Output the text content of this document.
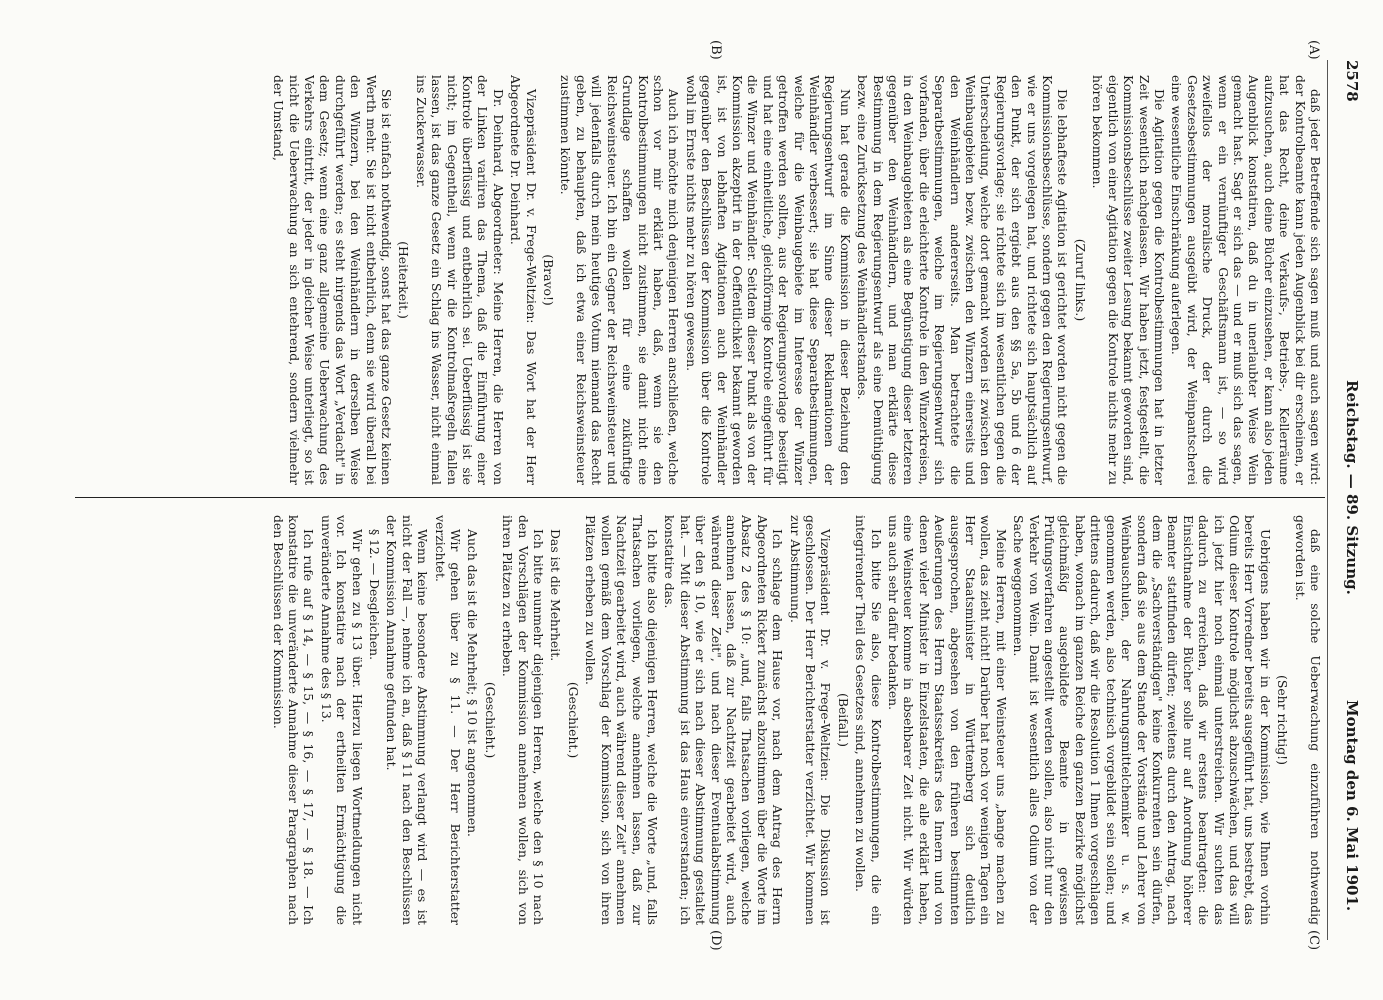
2578
Reichstag. — 89. Sitzung.
Montag den 6. Mai 1901.
(A)
(B)
(C)
(D)

daß jeder Betreffende sich sagen muß und auch sagen wird: der Kontrolbeamte kann jeden Augenblick bei dir erscheinen, er hat das Recht, deine Verkaufs-, Betriebs-, Kellerräume aufzusuchen, auch deine Bücher einzusehen, er kann also jeden Augenblick konstatiren, daß du in unerlaubter Weise Wein gemacht hast. Sagt er sich das — und er muß sich das sagen, wenn er ein vernünftiger Geschäftsmann ist, — so wird zweifellos der moralische Druck, der durch die Gesetzesbestimmungen ausgeübt wird, der Weinpantscherei eine wesentliche Einschränkung auferlegen.

Die Agitation gegen die Kontrolbestimmungen hat in letzter Zeit wesentlich nachgelassen. Wir haben jetzt, festgestellt, die Kommissionsbeschlüsse zweiter Lesung bekannt geworden sind, eigentlich von einer Agitation gegen die Kontrole nichts mehr zu hören bekommen.

(Zuruf links.)

Die lebhafteste Agitation ist gerichtet worden nicht gegen die Kommissionsbeschlüsse, sondern gegen den Regierungsentwurf, wie er uns vorgelegen hat, und richtete sich hauptsächlich auf den Punkt, der sich ergiebt aus den §§ 5a, 5b und 6 der Regierungsvorlage; sie richtete sich im wesentlichen gegen die Unterscheidung, welche dort gemacht worden ist zwischen den Weinbaugebieten bezw. zwischen den Winzern einerseits und den Weinhändlern andererseits. Man betrachtete die Separatbestimmungen, welche im Regierungsentwurf sich vorfanden, über die erleichterte Kontrole in den Winzerkreisen, in den Weinbaugebieten als eine Begünstigung dieser letzteren gegenüber den Weinhändlern, und man erklärte diese Bestimmung in dem Regierungsentwurf als eine Demüthigung bezw. eine Zurücksetzung des Weinhändlerstandes.

Nun hat gerade die Kommission in dieser Beziehung den Regierungsentwurf im Sinne dieser Reklamationen der Weinhändler verbessert; sie hat diese Separatbestimmungen, welche für die Weinbaugebiete im Interesse der Winzer getroffen werden sollten, aus der Regierungsvorlage beseitigt und hat eine einheitliche, gleichförmige Kontrole eingeführt für die Winzer und Weinhändler. Seitdem dieser Punkt als von der Kommission akzeptirt in der Oeffentlichkeit bekannt geworden ist, ist von lebhaften Agitationen auch der Weinhändler gegenüber den Beschlüssen der Kommission über die Kontrole wohl im Ernste nichts mehr zu hören gewesen.

Auch ich möchte mich denjenigen Herren anschließen, welche schon vor mir erklärt haben, daß, wenn sie den Kontrolbestimmungen nicht zustimmen, sie damit nicht eine Grundlage schaffen wollen für eine zukünftige Reichsweinsteuer. Ich bin ein Gegner der Reichsweinsteuer und will jedenfalls durch mein heutiges Votum niemand das Recht geben, zu behaupten, daß ich etwa einer Reichsweinsteuer zustimmen könnte.

(Bravo!)

Vizepräsident Dr. v. Frege-Weltzien: Das Wort hat der Herr Abgeordnete Dr. Deinhard.

Dr. Deinhard, Abgeordneter: Meine Herren, die Herren von der Linken variiren das Thema, daß die Einführung einer Kontrole überflüssig und entbehrlich sei. Ueberflüssig ist sie nicht; im Gegentheil, wenn wir die Kontrolmaßregeln fallen lassen, ist das ganze Gesetz ein Schlag ins Wasser, nicht einmal ins Zuckerwasser.

(Heiterkeit.)

Sie ist einfach nothwendig, sonst hat das ganze Gesetz keinen Werth mehr. Sie ist nicht entbehrlich, denn sie wird überall bei den Winzern, bei den Weinhändlern in derselben Weise durchgeführt werden; es steht nirgends das Wort „Verdacht" in dem Gesetz; wenn eine ganz allgemeine Ueberwachung des Verkehrs eintritt, der jeder in gleicher Weise unterliegt, so ist nicht die Ueberwachung an sich entehrend, sondern vielmehr der Umstand,

daß eine solche Ueberwachung einzuführen nothwendig geworden ist.

(Sehr richtig!)

Uebrigens haben wir in der Kommission, wie Ihnen vorhin bereits Herr Vorredner bereits ausgeführt hat, uns bestrebt, das Odium dieser Kontrole möglichst abzuschwächen, und das will ich jetzt hier noch einmal unterstreichen. Wir suchten das dadurch zu erreichen, daß wir erstens beantragten: die Einsichtnahme der Bücher solle nur auf Anordnung höherer Beamter stattfinden dürfen; zweitens durch den Antrag, nach dem die „Sachverständigen" keine Konkurrenten sein dürfen, sondern daß sie aus dem Stande der Vorstände und Lehrer von Weinbauschulen, der Nahrungsmittelchemiker u. s. w. genommen werden, also technisch vorgebildet sein sollen; und drittens dadurch, daß wir die Resolution 1 Ihnen vorgeschlagen haben, wonach im ganzen Reiche den ganzen Bezirke möglichst gleichmäßig ausgebildete Beamte in gewissen Prüfungsverfahren angestellt werden sollen, also nicht nur den Verkehr von Wein. Damit ist wesentlich alles Odium von der Sache weggenommen.

Meine Herren, mit einer Weinsteuer uns „bange machen zu wollen, das zieht nicht! Darüber hat noch vor wenigen Tagen ein Herr Staatsminister in Württemberg sich deutlich ausgesprochen, abgesehen von den früheren bestimmten Aeußerungen des Herrn Staatssekretärs des Innern und von denen vieler Minister in Einzelstaaten, die alle erklärt haben, eine Weinsteuer komme in absehbarer Zeit nicht. Wir würden uns auch sehr dafür bedanken.

Ich bitte Sie also, diese Kontrolbestimmungen, die ein integrirender Theil des Gesetzes sind, annehmen zu wollen.

(Beifall.)

Vizepräsident Dr. v. Frege-Weltzien: Die Diskussion ist geschlossen. Der Herr Berichterstatter verzichtet. Wir kommen zur Abstimmung.

Ich schlage dem Hause vor, nach dem Antrag des Herrn Abgeordneten Rickert zunächst abzustimmen über die Worte im Absatz 2 des § 10: „und, falls Thatsachen vorliegen, welche annehmen lassen, daß zur Nachtzeit gearbeitet wird, auch während dieser Zeit", und nach dieser Eventualabstimmung über den § 10, wie er sich nach dieser Abstimmung gestaltet hat. — Mit dieser Abstimmung ist das Haus einverstanden; ich konstatire das.

Ich bitte also diejenigen Herren, welche die Worte „und, falls Thatsachen vorliegen, welche annehmen lassen, daß zur Nachtzeit gearbeitet wird, auch während dieser Zeit" annehmen wollen gemäß dem Vorschlag der Kommission, sich von ihren Plätzen erheben zu wollen.

(Geschieht.)

Das ist die Mehrheit.

Ich bitte nunmehr diejenigen Herren, welche den § 10 nach den Vorschlägen der Kommission annehmen wollen, sich von ihren Plätzen zu erheben.

(Geschieht.)

Auch das ist die Mehrheit; § 10 ist angenommen.

Wir gehen über zu § 11. — Der Herr Berichterstatter verzichtet.

Wenn keine besondere Abstimmung verlangt wird — es ist nicht der Fall —, nehme ich an, daß § 11 nach den Beschlüssen der Kommission Annahme gefunden hat.

§ 12. — Desgleichen.

Wir gehen zu § 13 über. Hierzu liegen Wortmeldungen nicht vor. Ich konstatire nach der ertheilten Ermächtigung die unveränderte Annahme des § 13.

Ich rufe auf § 14, — § 15, — § 16, — § 17, — § 18. — Ich konstatire die unveränderte Annahme dieser Paragraphen nach den Beschlüssen der Kommission.
